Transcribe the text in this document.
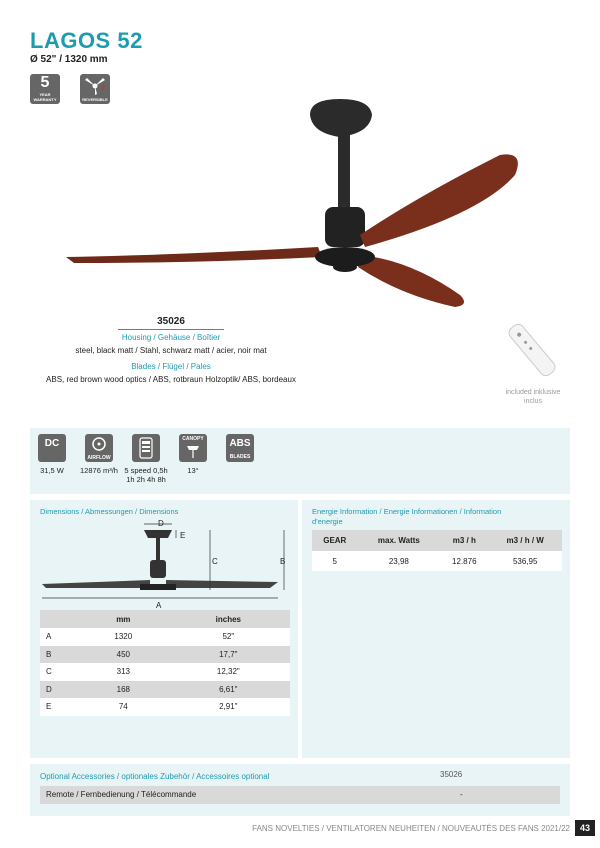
LAGOS 52
Ø 52" / 1320 mm
5
YEAR WARRANTY	REVERSIBLE
35026
Housing / Gehäuse / Boîtier
steel, black matt / Stahl, schwarz matt / acier, noir mat
Blades / Flügel / Pales
ABS, red brown wood optics / ABS, rotbraun Holzoptik/ ABS, bordeaux
included inklusive inclus
DC
31,5 W
AIRFLOW
12876 m³/h 5 speed 0,5h 1h 2h 4h 8h
CANOPY
13°
ABS
BLADES
Dimensions / Abmessungen / Dimensions
D
E
C	B
A
	mm	inches
A	1320	52"
B	450	17,7"
C	313	12,32"
D	168	6,61"
E	74	2,91"
Energie Information / Energie Informationen / Information d'energie
GEAR	max. Watts	m3 / h	m3 / h / W
5	23,98	12.876	536,95
Optional Accessories / optionales Zubehör / Accessoires optional	35026
Remote / Fernbedienung / Télécommande	-
FANS NOVELTIES / VENTILATOREN NEUHEITEN / NOUVEAUTÉS DES FANS 2021/22	43
